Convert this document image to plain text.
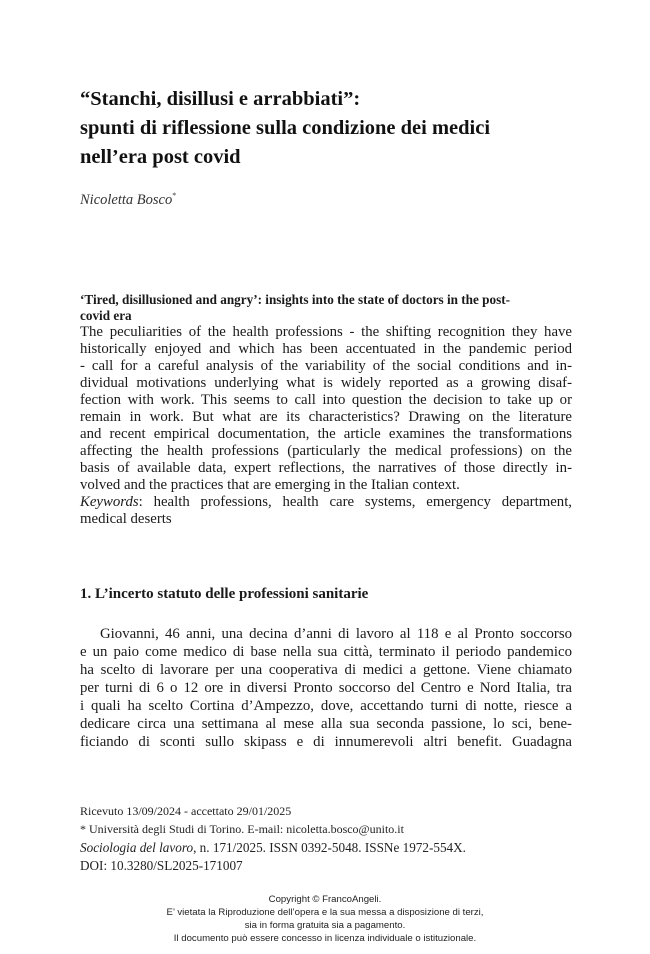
“Stanchi, disillusi e arrabbiati”:
spunti di riflessione sulla condizione dei medici
nell’era post covid
Nicoletta Bosco*

‘Tired, disillusioned and angry’: insights into the state of doctors in the post-

covid era

The peculiarities of the health professions - the shifting recognition they have

historically enjoyed and which has been accentuated in the pandemic period

- call for a careful analysis of the variability of the social conditions and in-

dividual motivations underlying what is widely reported as a growing disaf-

fection with work. This seems to call into question the decision to take up or

remain in work. But what are its characteristics? Drawing on the literature

and recent empirical documentation, the article examines the transformations

affecting the health professions (particularly the medical professions) on the

basis of available data, expert reflections, the narratives of those directly in-

volved and the practices that are emerging in the Italian context.

Keywords: health professions, health care systems, emergency department,

medical deserts

1. L’incerto statuto delle professioni sanitarie

Giovanni, 46 anni, una decina d’anni di lavoro al 118 e al Pronto soccorso

e un paio come medico di base nella sua città, terminato il periodo pandemico

ha scelto di lavorare per una cooperativa di medici a gettone. Viene chiamato

per turni di 6 o 12 ore in diversi Pronto soccorso del Centro e Nord Italia, tra

i quali ha scelto Cortina d’Ampezzo, dove, accettando turni di notte, riesce a

dedicare circa una settimana al mese alla sua seconda passione, lo sci, bene-

ficiando di sconti sullo skipass e di innumerevoli altri benefit. Guadagna

Ricevuto 13/09/2024 - accettato 29/01/2025

* Università degli Studi di Torino. E-mail: nicoletta.bosco@unito.it

Sociologia del lavoro, n. 171/2025. ISSN 0392-5048. ISSNe 1972-554X.

DOI: 10.3280/SL2025-171007

Copyright © FrancoAngeli.

E’ vietata la Riproduzione dell’opera e la sua messa a disposizione di terzi,

sia in forma gratuita sia a pagamento.

Il documento può essere concesso in licenza individuale o istituzionale.
